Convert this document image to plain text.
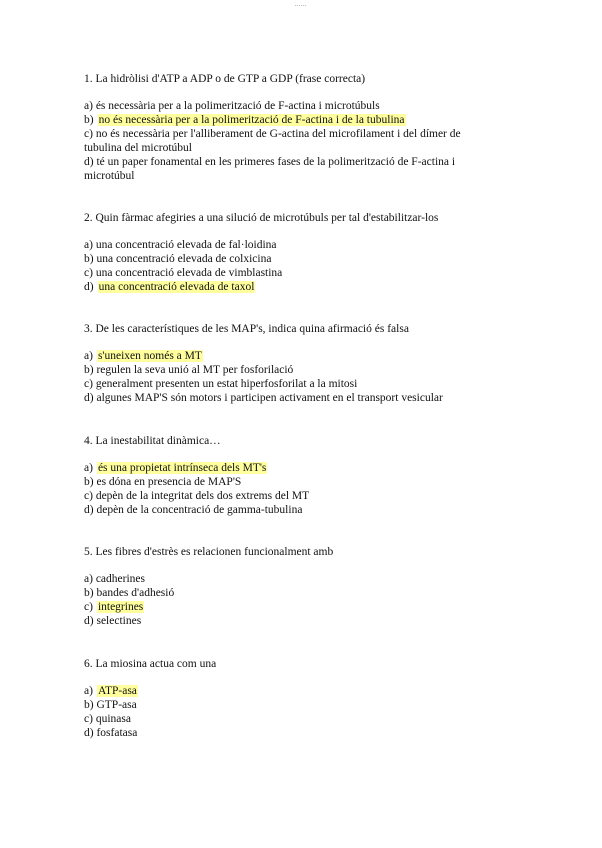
......

1. La hidròlisi d'ATP a ADP o de GTP a GDP (frase correcta)

a) és necessària per a la polimerització de F-actina i microtúbuls

b) no és necessària per a la polimerització de F-actina i de la tubulina

c) no és necessària per l'alliberament de G-actina del microfilament i del dímer de tubulina del microtúbul

d) té un paper fonamental en les primeres fases de la polimerització de F-actina i microtúbul

2. Quin fàrmac afegiries a una silució de microtúbuls per tal d'estabilitzar-los

a) una concentració elevada de fal·loidina

b) una concentració elevada de colxicina

c) una concentració elevada de vimblastina

d) una concentració elevada de taxol

3. De les característiques de les MAP's, indica quina afirmació és falsa

a) s'uneixen només a MT

b) regulen la seva unió al MT per fosforilació

c) generalment presenten un estat hiperfosforilat a la mitosi

d) algunes MAP'S són motors i participen activament en el transport vesicular

4. La inestabilitat dinàmica…

a) és una propietat intrínseca dels MT's

b) es dóna en presencia de MAP'S

c) depèn de la integritat dels dos extrems del MT

d) depèn de la concentració de gamma-tubulina

5. Les fibres d'estrès es relacionen funcionalment amb

a) cadherines

b) bandes d'adhesió

c) integrines

d) selectines

6. La miosina actua com una

a) ATP-asa

b) GTP-asa

c) quinasa

d) fosfatasa
